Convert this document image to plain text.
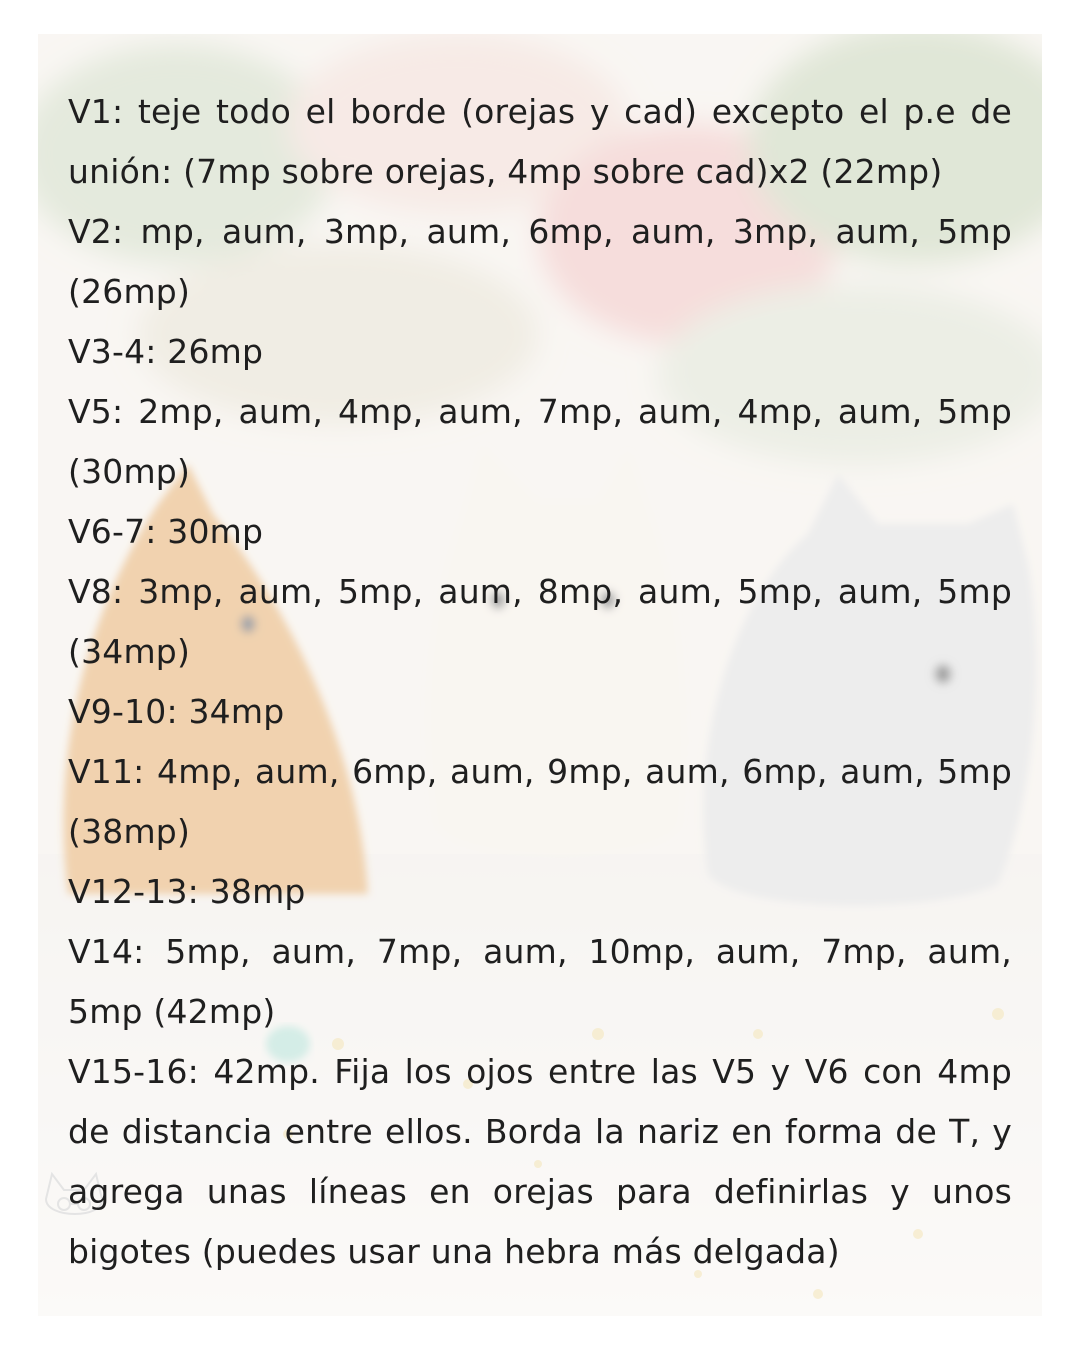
V1: teje todo el borde (orejas y cad) excepto el p.e de unión: (7mp sobre orejas, 4mp sobre cad)x2 (22mp)

V2: mp, aum, 3mp, aum, 6mp, aum, 3mp, aum, 5mp (26mp)

V3-4: 26mp

V5: 2mp, aum, 4mp, aum, 7mp, aum, 4mp, aum, 5mp (30mp)

V6-7: 30mp

V8: 3mp, aum, 5mp, aum, 8mp, aum, 5mp, aum, 5mp (34mp)

V9-10: 34mp

V11: 4mp, aum, 6mp, aum, 9mp, aum, 6mp, aum, 5mp (38mp)

V12-13: 38mp

V14: 5mp, aum, 7mp, aum, 10mp, aum, 7mp, aum, 5mp (42mp)

V15-16: 42mp. Fija los ojos entre las V5 y V6 con 4mp de distancia entre ellos. Borda la nariz en forma de T, y agrega unas líneas en orejas para definirlas y unos bigotes (puedes usar una hebra más delgada)
